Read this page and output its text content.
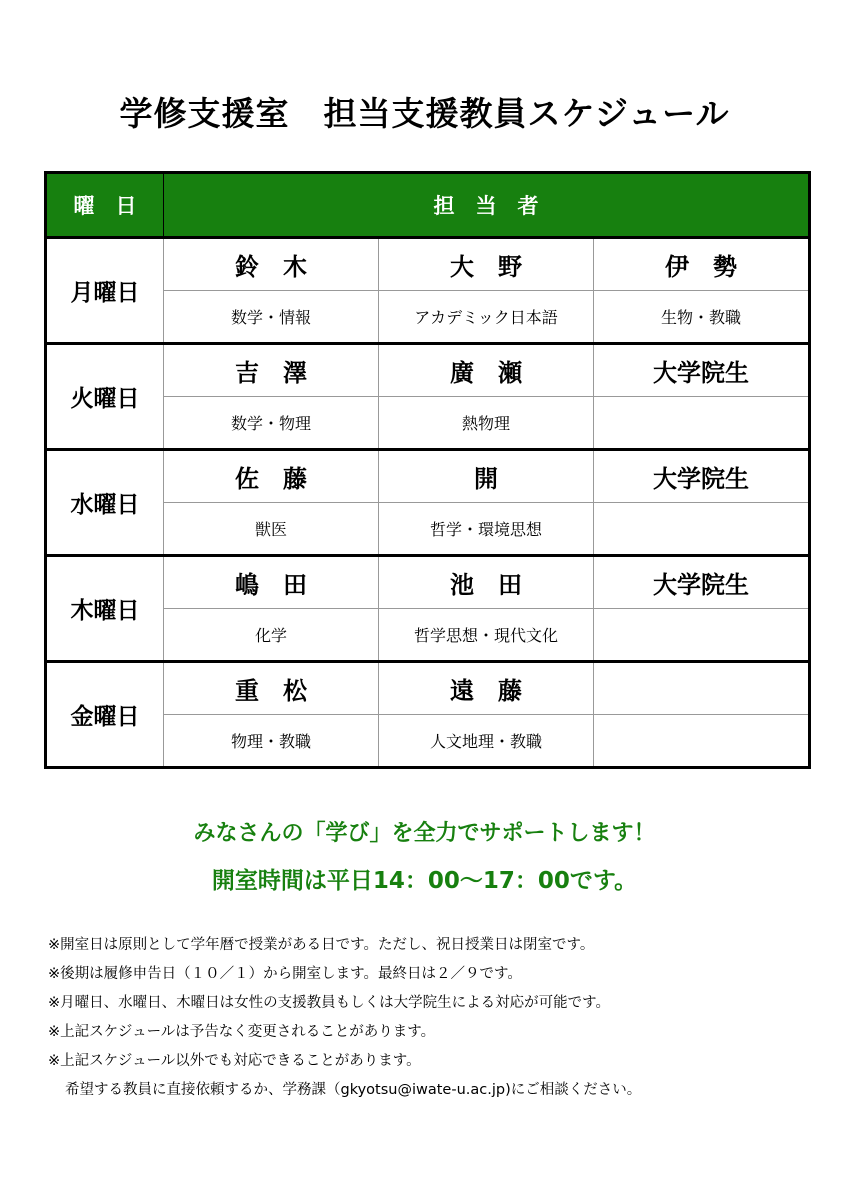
学修支援室　担当支援教員スケジュール
曜　日	担　当　者		
月曜日	鈴　木	大　野	伊　勢
	数学・情報	アカデミック日本語	生物・教職
火曜日	吉　澤	廣　瀬	大学院生
	数学・物理	熱物理	
水曜日	佐　藤	開	大学院生
	獣医	哲学・環境思想	
木曜日	嶋　田	池　田	大学院生
	化学	哲学思想・現代文化	
金曜日	重　松	遠　藤	
	物理・教職	人文地理・教職	
みなさんの「学び」を全力でサポートします！
開室時間は平日14：00～17：00です。
※開室日は原則として学年暦で授業がある日です。ただし、祝日授業日は閉室です。
※後期は履修申告日（１０／１）から開室します。最終日は２／９です。
※月曜日、水曜日、木曜日は女性の支援教員もしくは大学院生による対応が可能です。
※上記スケジュールは予告なく変更されることがあります。
※上記スケジュール以外でも対応できることがあります。
希望する教員に直接依頼するか、学務課（gkyotsu@iwate-u.ac.jp)にご相談ください。
